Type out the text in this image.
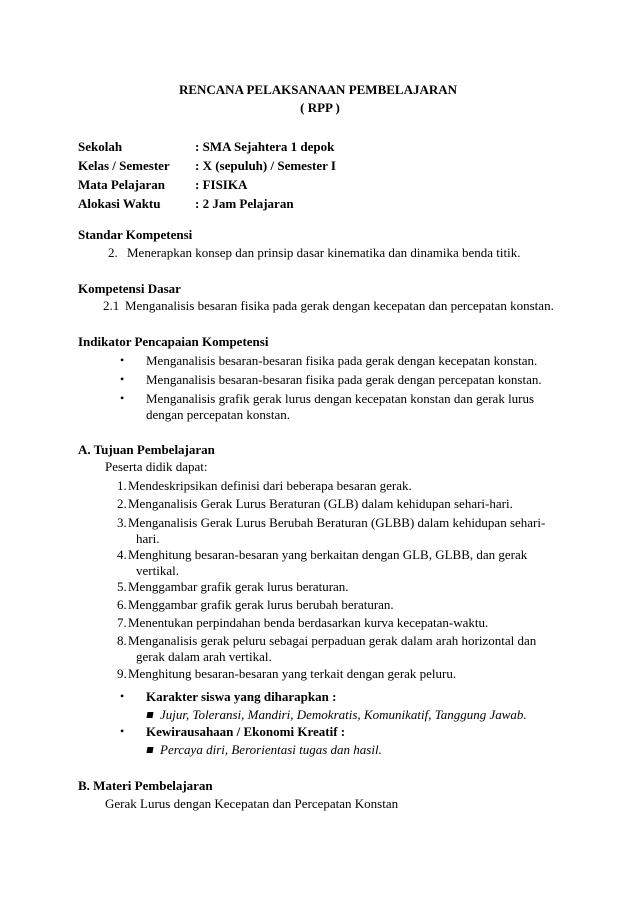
RENCANA PELAKSANAAN PEMBELAJARAN
( RPP )
Sekolah	: SMA Sejahtera 1 depok
Kelas / Semester	: X (sepuluh) / Semester I
Mata Pelajaran	: FISIKA
Alokasi Waktu	: 2 Jam Pelajaran
Standar Kompetensi
2. Menerapkan konsep dan prinsip dasar kinematika dan dinamika benda titik.
Kompetensi Dasar
2.1 Menganalisis besaran fisika pada gerak dengan kecepatan dan percepatan konstan.
Indikator Pencapaian Kompetensi
•	Menganalisis besaran-besaran fisika pada gerak dengan kecepatan konstan.
•	Menganalisis besaran-besaran fisika pada gerak dengan percepatan konstan.
•	Menganalisis grafik gerak lurus dengan kecepatan konstan dan gerak lurus
dengan percepatan konstan.
A. Tujuan Pembelajaran
Peserta didik dapat:
1. Mendeskripsikan definisi dari beberapa besaran gerak.
2. Menganalisis Gerak Lurus Beraturan (GLB) dalam kehidupan sehari-hari.
3. Menganalisis Gerak Lurus Berubah Beraturan (GLBB) dalam kehidupan sehari-
hari.
4. Menghitung besaran-besaran yang berkaitan dengan GLB, GLBB, dan gerak
vertikal.
5. Menggambar grafik gerak lurus beraturan.
6. Menggambar grafik gerak lurus berubah beraturan.
7. Menentukan perpindahan benda berdasarkan kurva kecepatan-waktu.
8. Menganalisis gerak peluru sebagai perpaduan gerak dalam arah horizontal dan
gerak dalam arah vertikal.
9. Menghitung besaran-besaran yang terkait dengan gerak peluru.
•	Karakter siswa yang diharapkan :
Jujur, Toleransi, Mandiri, Demokratis, Komunikatif, Tanggung Jawab.
•	Kewirausahaan / Ekonomi Kreatif :
Percaya diri, Berorientasi tugas dan hasil.
B. Materi Pembelajaran
Gerak Lurus dengan Kecepatan dan Percepatan Konstan
